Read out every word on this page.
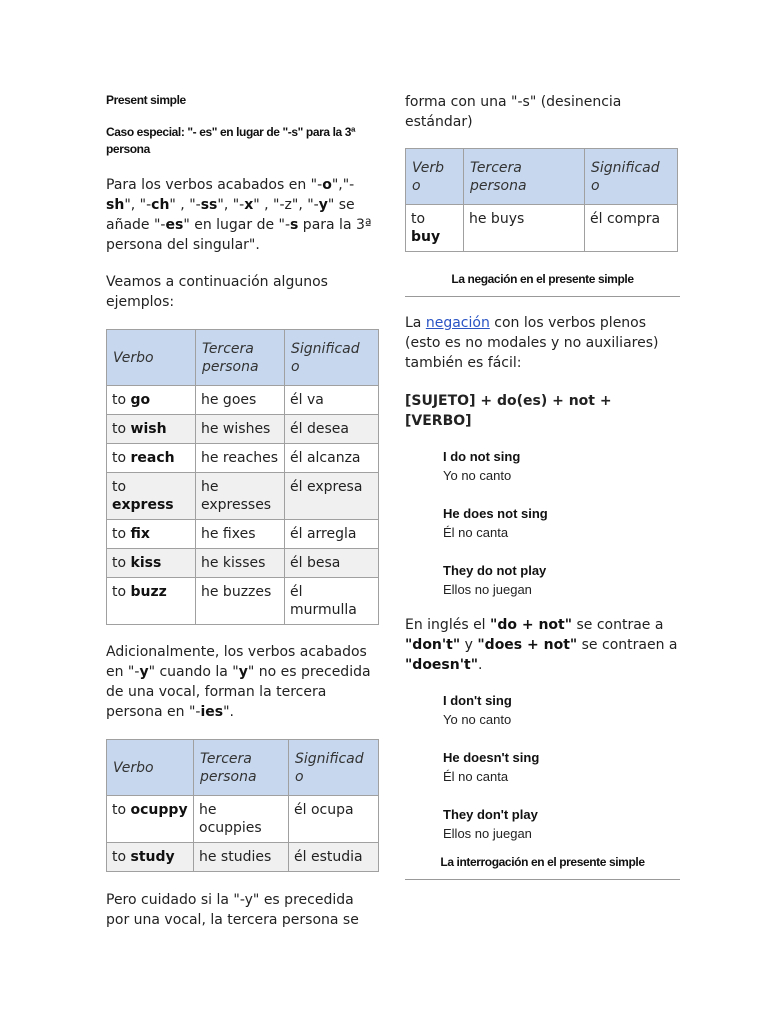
Present simple
Caso especial: "- es" en lugar de "-s" para la 3ª persona

Para los verbos acabados en "-o","-sh", "-ch" , "-ss", "-x" , "-z", "-y" se añade "-es" en lugar de "-s para la 3ª persona del singular".

Veamos a continuación algunos ejemplos:

Verbo	Tercera persona	Significad o
to go	he goes	él va
to wish	he wishes	él desea
to reach	he reaches	él alcanza
to express	he expresses	él expresa
to fix	he fixes	él arregla
to kiss	he kisses	él besa
to buzz	he buzzes	él murmulla

Adicionalmente, los verbos acabados en "-y" cuando la "y" no es precedida de una vocal, forman la tercera persona en "-ies".

Verbo	Tercera persona	Significad o
to ocuppy	he ocuppies	él ocupa
to study	he studies	él estudia

Pero cuidado si la "-y" es precedida por una vocal, la tercera persona se

forma con una "-s" (desinencia estándar)

Verb o	Tercera persona	Significad o
to buy	he buys	él compra
La negación en el presente simple

La negación con los verbos plenos (esto es no modales y no auxiliares) también es fácil:

[SUJETO] + do(es) + not + [VERBO]

I do not sing
Yo no canto
He does not sing
Él no canta
They do not play
Ellos no juegan

En inglés el "do + not" se contrae a "don't" y "does + not" se contraen a "doesn't".

I don't sing
Yo no canto
He doesn't sing
Él no canta
They don't play
Ellos no juegan
La interrogación en el presente simple
